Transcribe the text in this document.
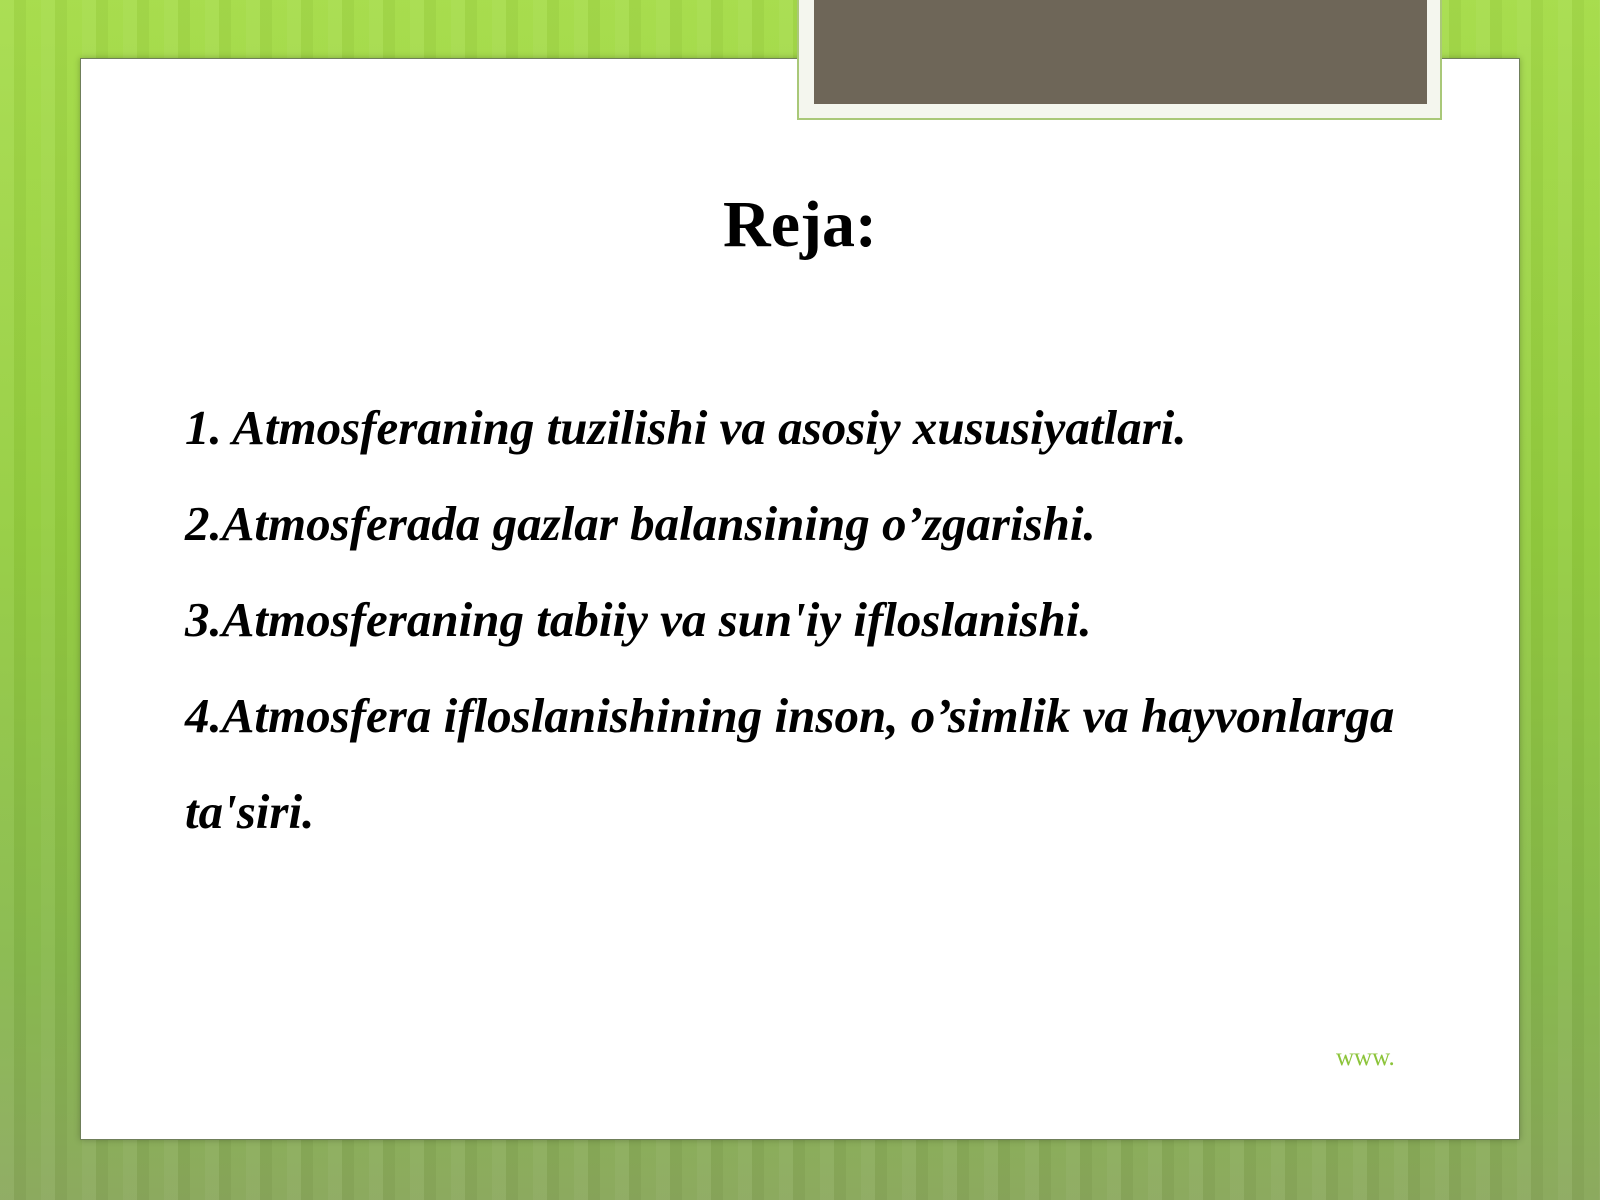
Reja:
1. Atmosferaning tuzilishi va asosiy xususiyatlari.
2.Atmosferada gazlar balansining o’zgarishi.
3.Atmosferaning tabiiy va sun'iy ifloslanishi.
4.Atmosfera ifloslanishining inson, o’simlik va hayvonlarga ta'siri.
www.
